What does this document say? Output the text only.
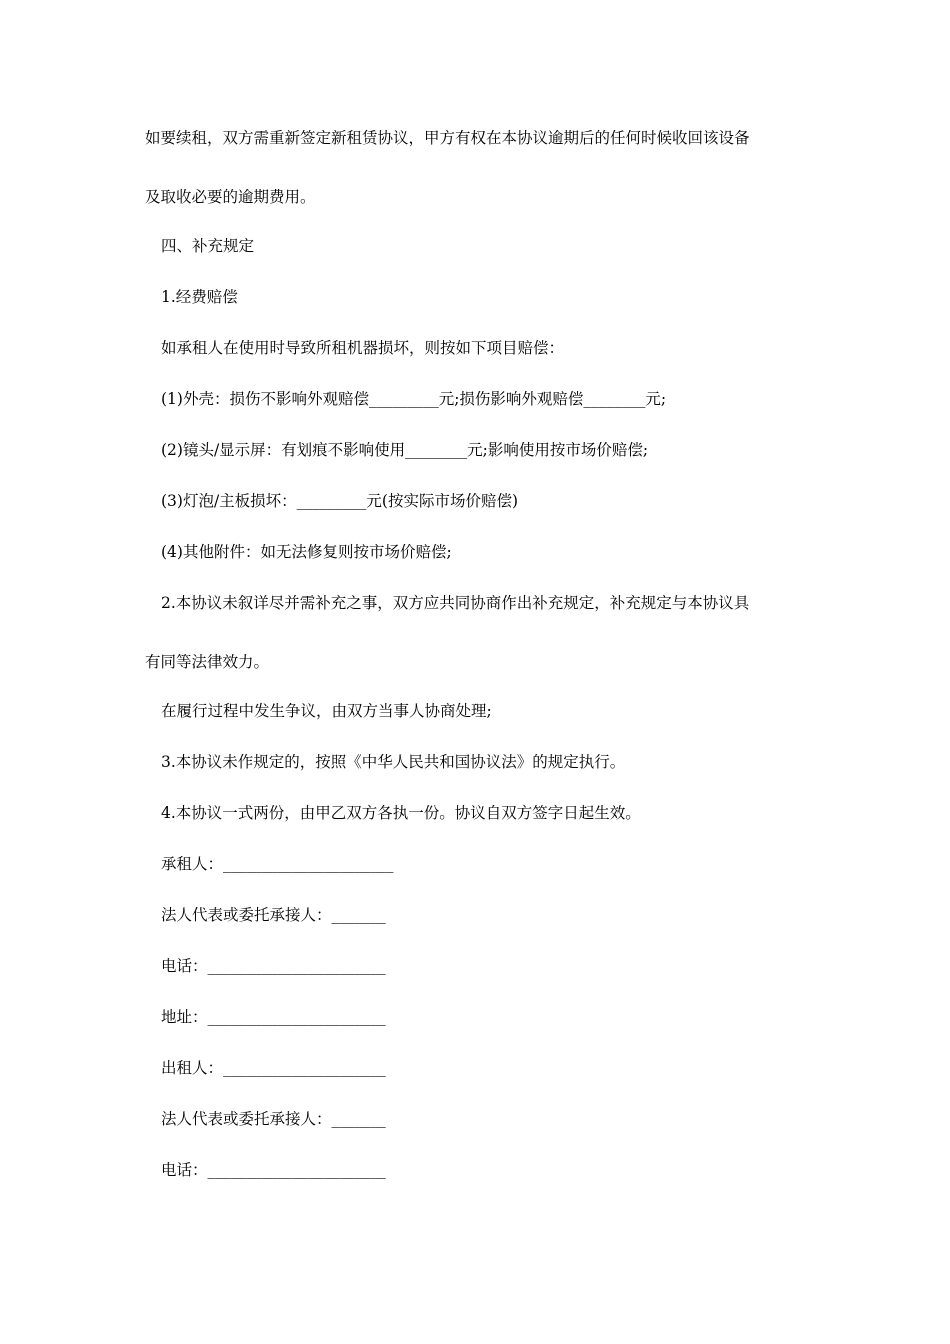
如要续租，双方需重新签定新租赁协议，甲方有权在本协议逾期后的任何时候收回该设备
及取收必要的逾期费用。
四、补充规定
1.经费赔偿
如承租人在使用时导致所租机器损坏，则按如下项目赔偿：
(1)外壳：损伤不影响外观赔偿_________元;损伤影响外观赔偿________元;
(2)镜头/显示屏：有划痕不影响使用________元;影响使用按市场价赔偿;
(3)灯泡/主板损坏：_________元(按实际市场价赔偿)
(4)其他附件：如无法修复则按市场价赔偿;
2.本协议未叙详尽并需补充之事，双方应共同协商作出补充规定，补充规定与本协议具
有同等法律效力。
在履行过程中发生争议，由双方当事人协商处理;
3.本协议未作规定的，按照《中华人民共和国协议法》的规定执行。
4.本协议一式两份，由甲乙双方各执一份。协议自双方签字日起生效。
承租人：______________________
法人代表或委托承接人：_______
电话：_______________________
地址：_______________________
出租人：_____________________
法人代表或委托承接人：_______
电话：_______________________
